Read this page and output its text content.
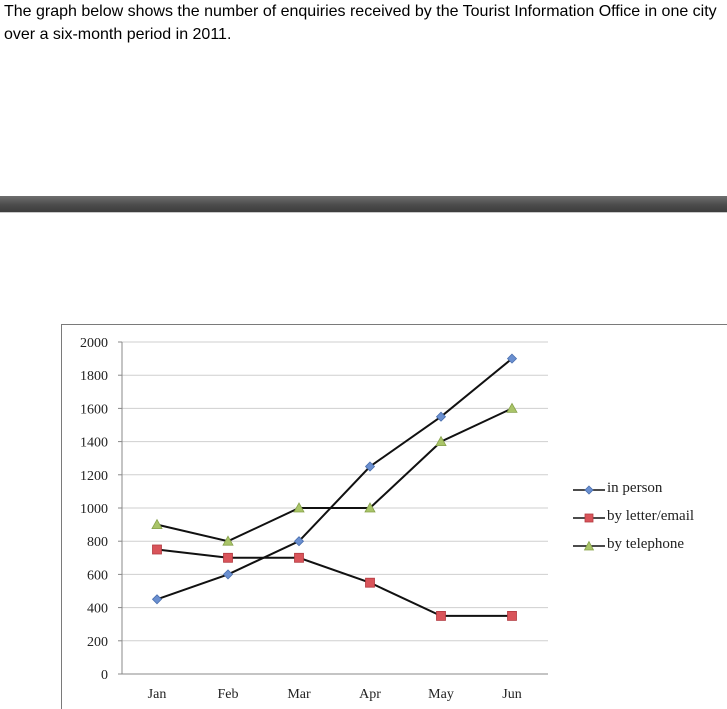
The graph below shows the number of enquiries received by the Tourist Information Office in one city over a six-month period in 2011.
0
200
400
600
800
1000
1200
1400
1600
1800
2000
Jan	Feb	Mar	Apr	May	Jun
in person
by letter/email
by telephone
